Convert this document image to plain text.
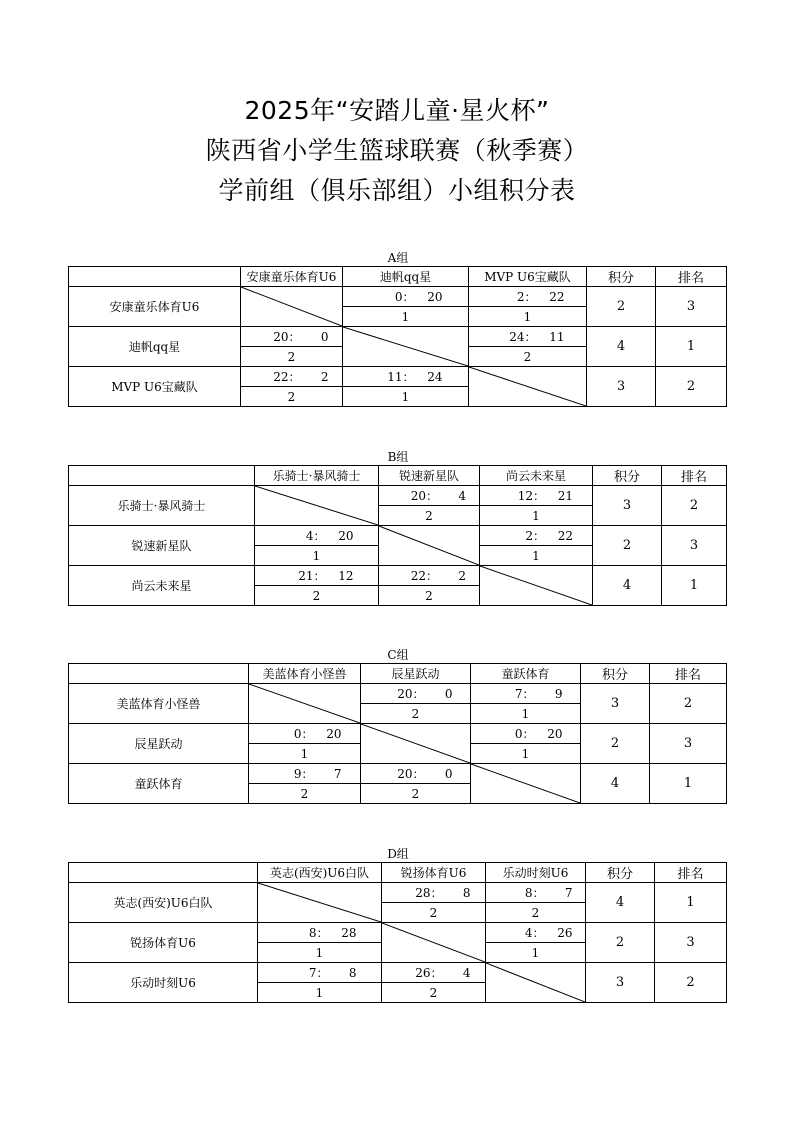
2025年“安踏儿童·星火杯”
陕西省小学生篮球联赛（秋季赛）
学前组（俱乐部组）小组积分表
A组
	安康童乐体育U6	迪帆qq星	MVP U6宝藏队	积分	排名
安康童乐体育U6		0： 20	2： 22	2	3
		1	1		
迪帆qq星	20： 0		24： 11	4	1
	2		2		
MVP U6宝藏队	22： 2	11： 24		3	2
	2	1			
B组
	乐骑士·暴风骑士	锐速新星队	尚云未来星	积分	排名
乐骑士·暴风骑士		20： 4	12： 21	3	2
		2	1		
锐速新星队	4： 20		2： 22	2	3
	1		1		
尚云未来星	21： 12	22： 2		4	1
	2	2			
C组
	美蓝体育小怪兽	辰星跃动	童跃体育	积分	排名
美蓝体育小怪兽		20： 0	7： 9	3	2
		2	1		
辰星跃动	0： 20		0： 20	2	3
	1		1		
童跃体育	9： 7	20： 0		4	1
	2	2			
D组
	英志(西安)U6白队	锐扬体育U6	乐动时刻U6	积分	排名
英志(西安)U6白队		28： 8	8： 7	4	1
		2	2		
锐扬体育U6	8： 28		4： 26	2	3
	1		1		
乐动时刻U6	7： 8	26： 4		3	2
	1	2			
